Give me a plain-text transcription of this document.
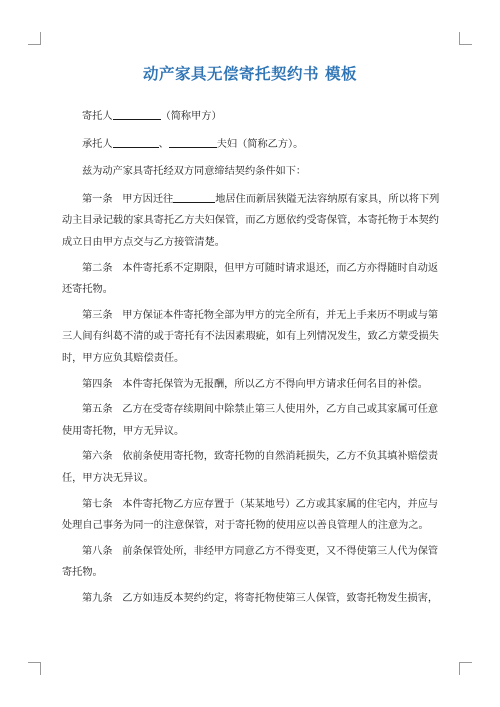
动产家具无偿寄托契约书 模板
寄托人	（简称甲方）
承托人	、	夫妇（简称乙方）。
兹为动产家具寄托经双方同意缔结契约条件如下：
第一条 甲方因迁往	地居住而新居狭隘无法容纳原有家具，所以将下列
动主目录记载的家具寄托乙方夫妇保管，而乙方愿依约受寄保管，本寄托物于本契约
成立日由甲方点交与乙方接管清楚。
第二条 本件寄托系不定期限，但甲方可随时请求退还，而乙方亦得随时自动返
还寄托物。
第三条 甲方保证本件寄托物全部为甲方的完全所有，并无上手来历不明或与第
三人间有纠葛不清的或于寄托有不法因素瑕疵，如有上列情况发生，致乙方蒙受损失
时，甲方应负其赔偿责任。
第四条 本件寄托保管为无报酬，所以乙方不得向甲方请求任何名目的补偿。
第五条 乙方在受寄存续期间中除禁止第三人使用外，乙方自己或其家属可任意
使用寄托物，甲方无异议。
第六条 依前条使用寄托物，致寄托物的自然消耗损失，乙方不负其填补赔偿责
任，甲方决无异议。
第七条 本件寄托物乙方应存置于（某某地号）乙方或其家属的住宅内，并应与
处理自己事务为同一的注意保管，对于寄托物的使用应以善良管理人的注意为之。
第八条 前条保管处所，非经甲方同意乙方不得变更，又不得使第三人代为保管
寄托物。
第九条 乙方如违反本契约约定，将寄托物使第三人保管，致寄托物发生损害，
